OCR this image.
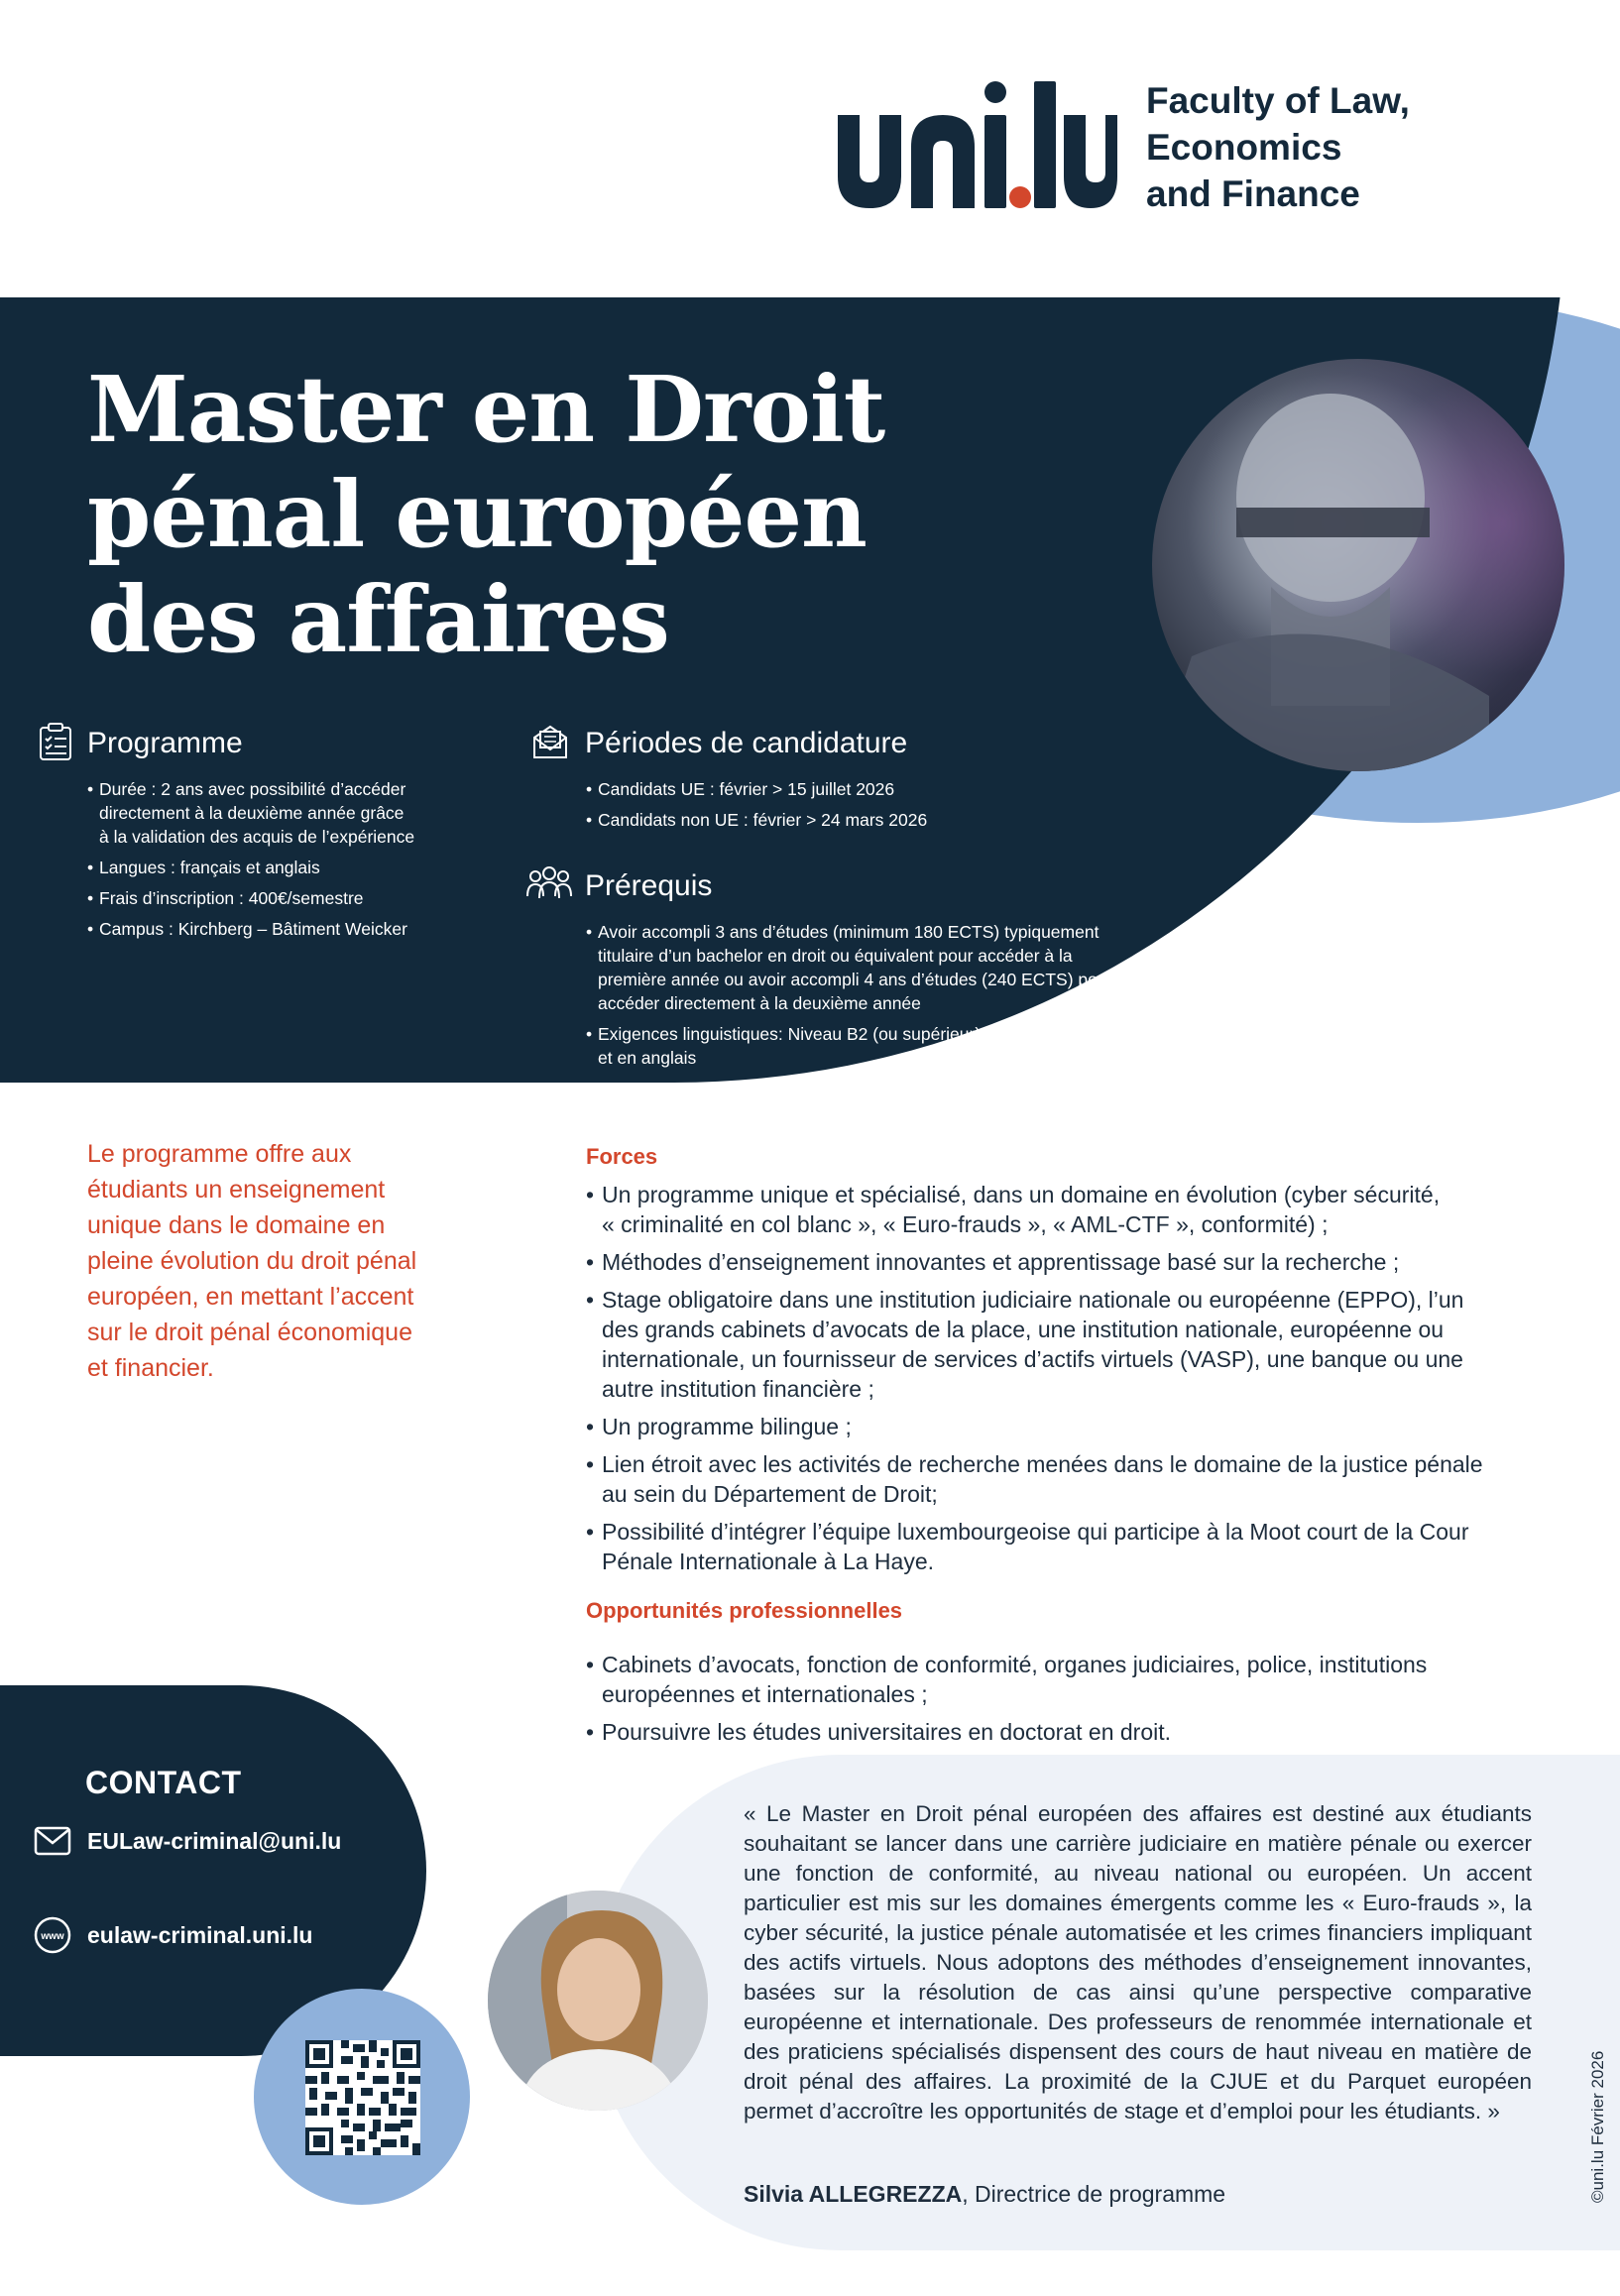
Faculty of Law,
Economics
and Finance
Master en Droit
pénal européen
des affaires
Programme
• Durée : 2 ans avec possibilité d’accéder
directement à la deuxième année grâce
à la validation des acquis de l’expérience
• Langues : français et anglais
• Frais d’inscription : 400€/semestre
• Campus : Kirchberg – Bâtiment Weicker
Périodes de candidature
• Candidats UE : février > 15 juillet 2026
• Candidats non UE : février > 24 mars 2026
Prérequis
• Avoir accompli 3 ans d’études (minimum 180 ECTS) typiquement
titulaire d’un bachelor en droit ou équivalent pour accéder à la
première année ou avoir accompli 4 ans d’études (240 ECTS) pour
accéder directement à la deuxième année
• Exigences linguistiques: Niveau B2 (ou supérieur) en français
et en anglais
Le programme offre aux
étudiants un enseignement
unique dans le domaine en
pleine évolution du droit pénal
européen, en mettant l’accent
sur le droit pénal économique
et financier.
Forces
• Un programme unique et spécialisé, dans un domaine en évolution (cyber sécurité,
« criminalité en col blanc », « Euro-frauds », « AML-CTF », conformité) ;
• Méthodes d’enseignement innovantes et apprentissage basé sur la recherche ;
• Stage obligatoire dans une institution judiciaire nationale ou européenne (EPPO), l’un
des grands cabinets d’avocats de la place, une institution nationale, européenne ou
internationale, un fournisseur de services d’actifs virtuels (VASP), une banque ou une
autre institution financière ;
• Un programme bilingue ;
• Lien étroit avec les activités de recherche menées dans le domaine de la justice pénale
au sein du Département de Droit;
• Possibilité d’intégrer l’équipe luxembourgeoise qui participe à la Moot court de la Cour
Pénale Internationale à La Haye.
Opportunités professionnelles
• Cabinets d’avocats, fonction de conformité, organes judiciaires, police, institutions
européennes et internationales ;
• Poursuivre les études universitaires en doctorat en droit.
CONTACT
EULaw-criminal@uni.lu
www eulaw-criminal.uni.lu
« Le Master en Droit pénal européen des affaires est destiné aux étudiants souhaitant se lancer dans une carrière judiciaire en matière pénale ou exercer une fonction de conformité, au niveau national ou européen. Un accent particulier est mis sur les domaines émergents comme les « Euro-frauds », la cyber sécurité, la justice pénale automatisée et les crimes financiers impliquant des actifs virtuels. Nous adoptons des méthodes d’enseignement innovantes, basées sur la résolution de cas ainsi qu’une perspective comparative européenne et internationale. Des professeurs de renommée internationale et des praticiens spécialisés dispensent des cours de haut niveau en matière de droit pénal des affaires. La proximité de la CJUE et du Parquet européen permet d’accroître les opportunités de stage et d’emploi pour les étudiants. »
Silvia ALLEGREZZA, Directrice de programme	©uni.lu Février 2026
